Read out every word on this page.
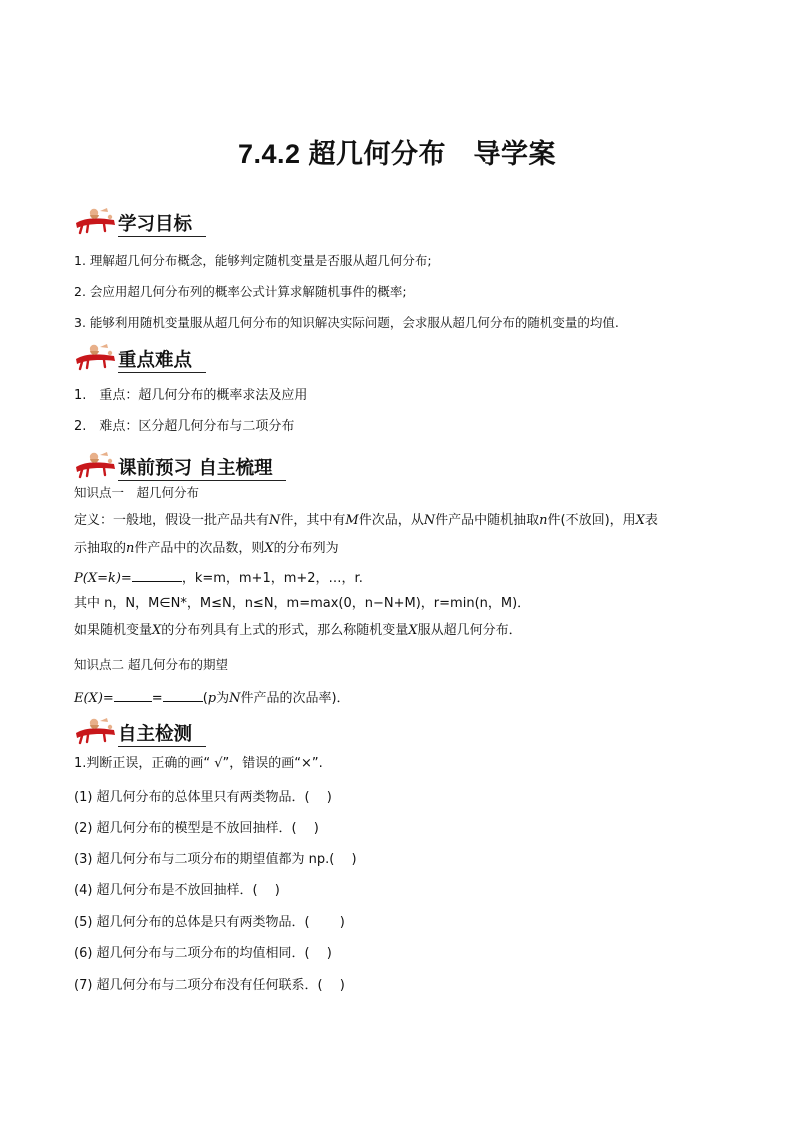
7.4.2 超几何分布　导学案
学习目标
1. 理解超几何分布概念，能够判定随机变量是否服从超几何分布;
2. 会应用超几何分布列的概率公式计算求解随机事件的概率;
3. 能够利用随机变量服从超几何分布的知识解决实际问题，会求服从超几何分布的随机变量的均值.
重点难点
1.　重点：超几何分布的概率求法及应用
2.　难点：区分超几何分布与二项分布
课前预习 自主梳理
知识点一　超几何分布
定义：一般地，假设一批产品共有N件，其中有M件次品，从N件产品中随机抽取n件(不放回)，用X表
示抽取的n件产品中的次品数，则X的分布列为
P(X=k)=	，k=m，m+1，m+2，…，r.
其中 n，N，M∈N*，M≤N，n≤N，m=max(0，n−N+M)，r=min(n，M)．
如果随机变量X的分布列具有上式的形式，那么称随机变量X服从超几何分布．
知识点二 超几何分布的期望
E(X)=	=	(p为N件产品的次品率)．
自主检测
1.判断正误，正确的画“ √”，错误的画“×”.
(1) 超几何分布的总体里只有两类物品．(　 )
(2) 超几何分布的模型是不放回抽样．(　 )
(3) 超几何分布与二项分布的期望值都为 np.(　 )
(4) 超几何分布是不放回抽样．(　 )
(5) 超几何分布的总体是只有两类物品．(　　 )
(6) 超几何分布与二项分布的均值相同．(　 )
(7) 超几何分布与二项分布没有任何联系．(　 )
